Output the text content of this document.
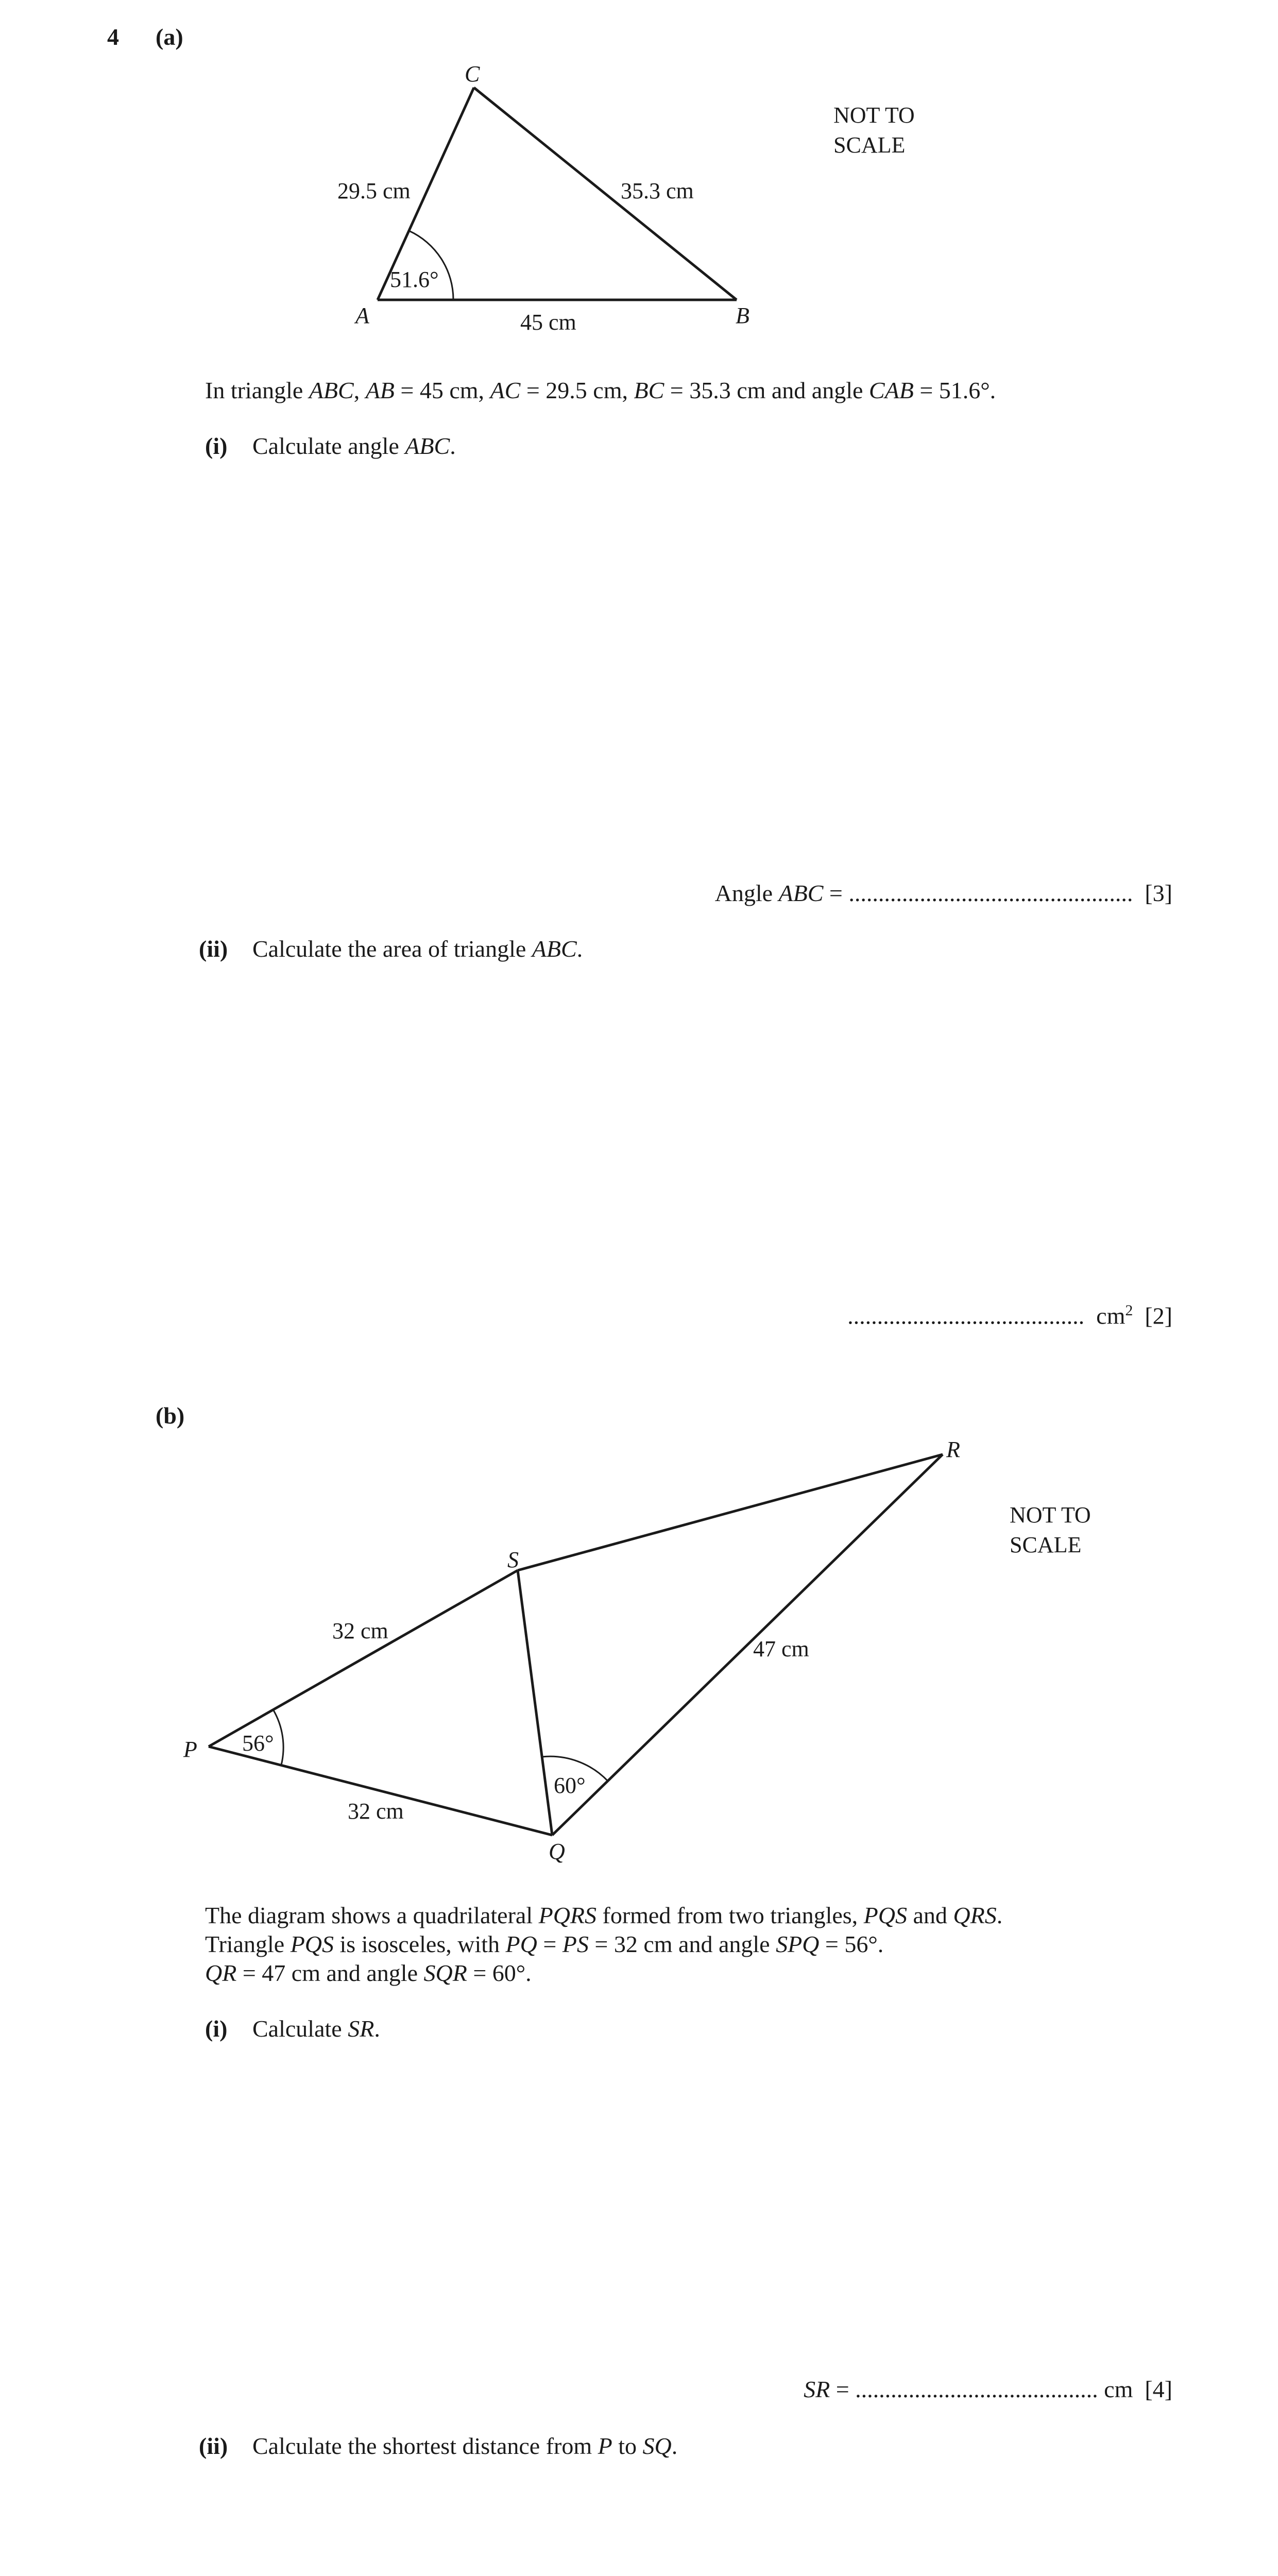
4 (a)
C
A	B
29.5 cm	35.3 cm
45 cm
51.6°
NOT TO
SCALE
In triangle ABC, AB = 45 cm, AC = 29.5 cm, BC = 35.3 cm and angle CAB = 51.6°.
(i) Calculate angle ABC.
Angle ABC = ................................................ [3]
(ii) Calculate the area of triangle ABC.
........................................ $cm^2$ [2]
(b)
P
S
Q
R
32 cm
32 cm
47 cm
56°
60°
NOT TO
SCALE
The diagram shows a quadrilateral PQRS formed from two triangles, PQS and QRS.
Triangle PQS is isosceles, with PQ = PS = 32 cm and angle SPQ = 56°.
QR = 47 cm and angle SQR = 60°.
(i) Calculate SR.
SR = ......................................... cm [4]
(ii) Calculate the shortest distance from P to SQ.
